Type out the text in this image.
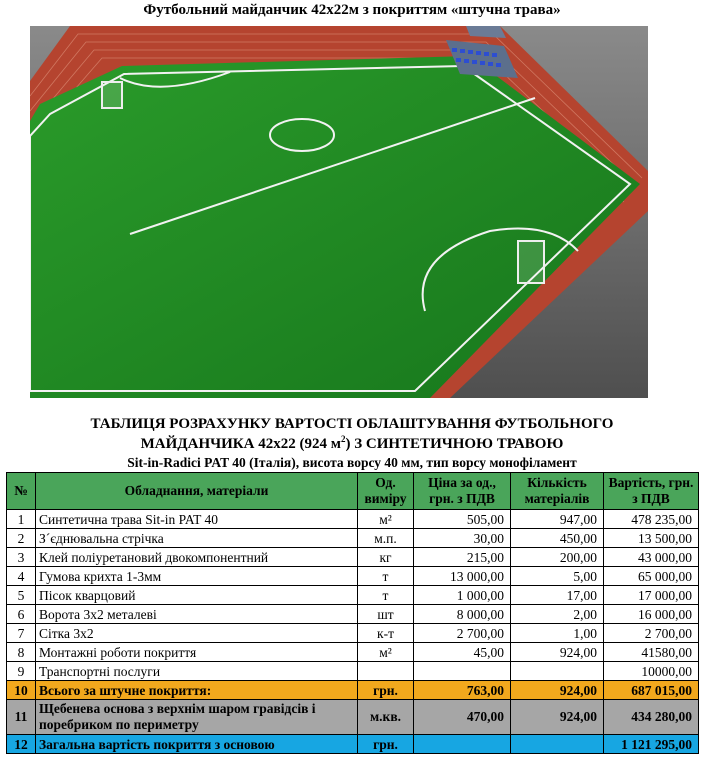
Футбольний майданчик 42х22м з покриттям «штучна трава»
ТАБЛИЦЯ РОЗРАХУНКУ ВАРТОСТІ ОБЛАШТУВАННЯ ФУТБОЛЬНОГО
МАЙДАНЧИКА 42х22 (924 $м^2$) З СИНТЕТИЧНОЮ ТРАВОЮ
Sit-in-Radici PAT 40 (Італія), висота ворсу 40 мм, тип ворсу монофіламент
№	Обладнання, матеріали	Од. виміру	Ціна за од., грн. з ПДВ	Кількість матеріалів	Вартість, грн. з ПДВ
1	Синтетична трава Sit-in PAT 40	м²	505,00	947,00	478 235,00
2	З´єднювальна стрічка	м.п.	30,00	450,00	13 500,00
3	Клей поліуретановий двокомпонентний	кг	215,00	200,00	43 000,00
4	Гумова крихта 1-3мм	т	13 000,00	5,00	65 000,00
5	Пісок кварцовий	т	1 000,00	17,00	17 000,00
6	Ворота 3х2 металеві	шт	8 000,00	2,00	16 000,00
7	Сітка 3х2	к-т	2 700,00	1,00	2 700,00
8	Монтажні роботи покриття	м²	45,00	924,00	41580,00
9	Транспортні послуги				10000,00
10	Всього за штучне покриття:	грн.	763,00	924,00	687 015,00
11	Щебенева основа з верхнім шаром гравідсів і поребриком по периметру	м.кв.	470,00	924,00	434 280,00
12	Загальна вартість покриття з основою	грн.			1 121 295,00
